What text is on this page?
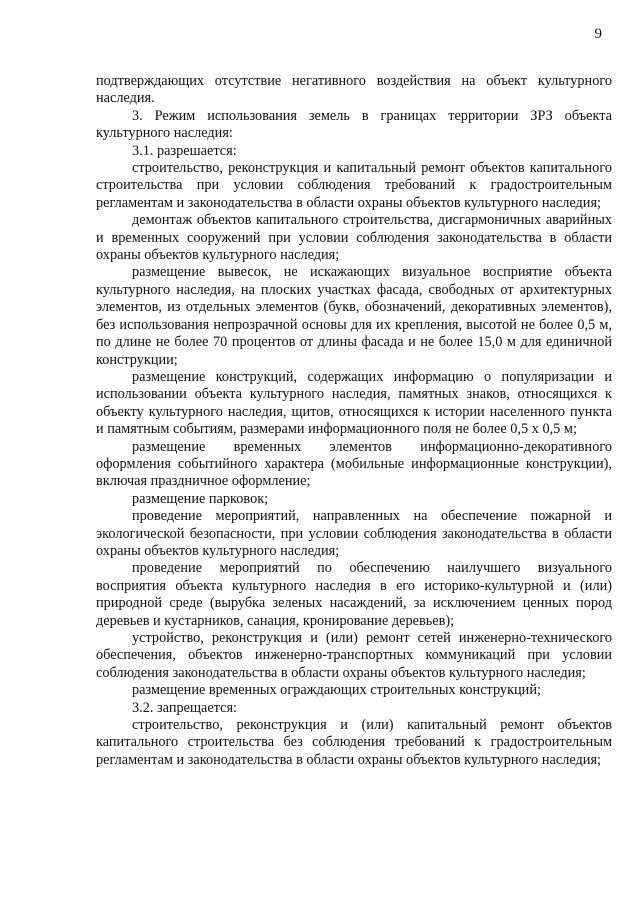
9

подтверждающих отсутствие негативного воздействия на объект культурного наследия.

3. Режим использования земель в границах территории ЗРЗ объекта культурного наследия:

3.1. разрешается:

строительство, реконструкция и капитальный ремонт объектов капитального строительства при условии соблюдения требований к градостроительным регламентам и законодательства в области охраны объектов культурного наследия;

демонтаж объектов капитального строительства, дисгармоничных аварийных и временных сооружений при условии соблюдения законодательства в области охраны объектов культурного наследия;

размещение вывесок, не искажающих визуальное восприятие объекта культурного наследия, на плоских участках фасада, свободных от архитектурных элементов, из отдельных элементов (букв, обозначений, декоративных элементов), без использования непрозрачной основы для их крепления, высотой не более 0,5 м, по длине не более 70 процентов от длины фасада и не более 15,0 м для единичной конструкции;

размещение конструкций, содержащих информацию о популяризации и использовании объекта культурного наследия, памятных знаков, относящихся к объекту культурного наследия, щитов, относящихся к истории населенного пункта и памятным событиям, размерами информационного поля не более 0,5 x 0,5 м;

размещение временных элементов информационно-декоративного оформления событийного характера (мобильные информационные конструкции), включая праздничное оформление;

размещение парковок;

проведение мероприятий, направленных на обеспечение пожарной и экологической безопасности, при условии соблюдения законодательства в области охраны объектов культурного наследия;

проведение мероприятий по обеспечению наилучшего визуального восприятия объекта культурного наследия в его историко-культурной и (или) природной среде (вырубка зеленых насаждений, за исключением ценных пород деревьев и кустарников, санация, кронирование деревьев);

устройство, реконструкция и (или) ремонт сетей инженерно-технического обеспечения, объектов инженерно-транспортных коммуникаций при условии соблюдения законодательства в области охраны объектов культурного наследия;

размещение временных ограждающих строительных конструкций;

3.2. запрещается:

строительство, реконструкция и (или) капитальный ремонт объектов капитального строительства без соблюдения требований к градостроительным регламентам и законодательства в области охраны объектов культурного наследия;
